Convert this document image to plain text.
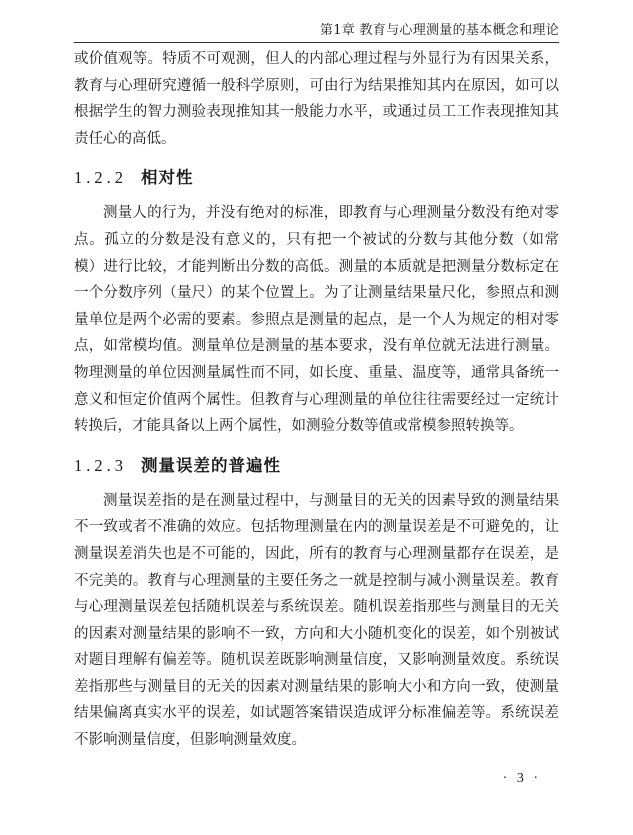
第1章 教育与心理测量的基本概念和理论

或价值观等。特质不可观测，但人的内部心理过程与外显行为有因果关系，教育与心理研究遵循一般科学原则，可由行为结果推知其内在原因，如可以根据学生的智力测验表现推知其一般能力水平，或通过员工工作表现推知其责任心的高低。

1.2.2 相对性

测量人的行为，并没有绝对的标准，即教育与心理测量分数没有绝对零点。孤立的分数是没有意义的，只有把一个被试的分数与其他分数（如常模）进行比较，才能判断出分数的高低。测量的本质就是把测量分数标定在一个分数序列（量尺）的某个位置上。为了让测量结果量尺化，参照点和测量单位是两个必需的要素。参照点是测量的起点，是一个人为规定的相对零点，如常模均值。测量单位是测量的基本要求，没有单位就无法进行测量。物理测量的单位因测量属性而不同，如长度、重量、温度等，通常具备统一意义和恒定价值两个属性。但教育与心理测量的单位往往需要经过一定统计转换后，才能具备以上两个属性，如测验分数等值或常模参照转换等。

1.2.3 测量误差的普遍性

测量误差指的是在测量过程中，与测量目的无关的因素导致的测量结果不一致或者不准确的效应。包括物理测量在内的测量误差是不可避免的，让测量误差消失也是不可能的，因此，所有的教育与心理测量都存在误差，是不完美的。教育与心理测量的主要任务之一就是控制与减小测量误差。教育与心理测量误差包括随机误差与系统误差。随机误差指那些与测量目的无关的因素对测量结果的影响不一致，方向和大小随机变化的误差，如个别被试对题目理解有偏差等。随机误差既影响测量信度，又影响测量效度。系统误差指那些与测量目的无关的因素对测量结果的影响大小和方向一致，使测量结果偏离真实水平的误差，如试题答案错误造成评分标准偏差等。系统误差不影响测量信度，但影响测量效度。

· 3 ·
